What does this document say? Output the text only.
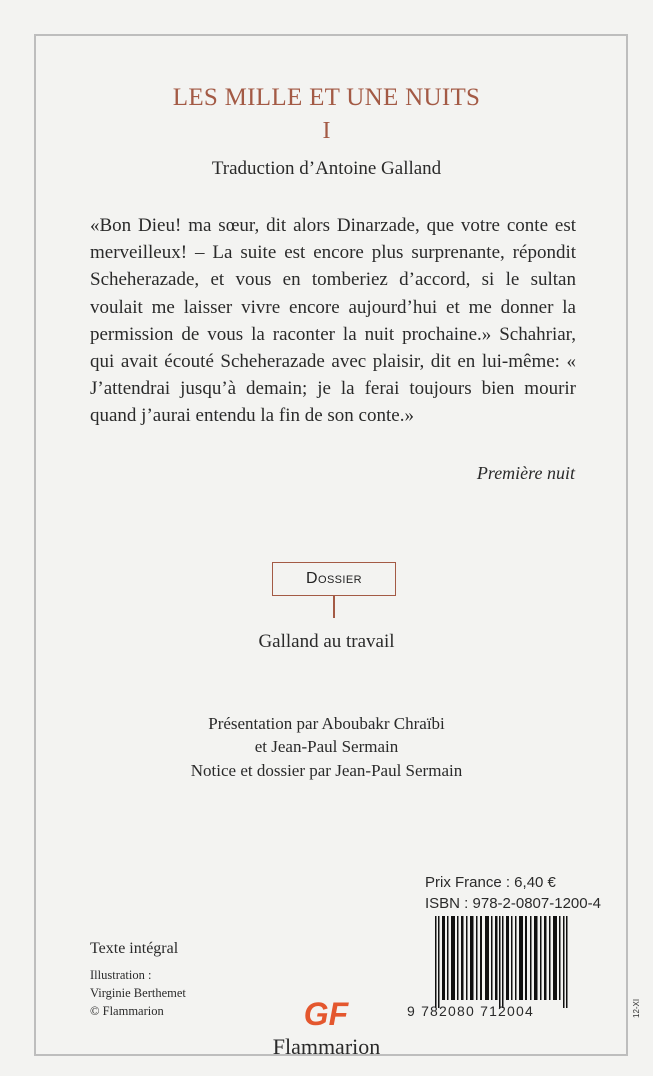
LES MILLE ET UNE NUITS
I
Traduction d’Antoine Galland

«Bon Dieu! ma sœur, dit alors Dinarzade, que votre conte est merveilleux! – La suite est encore plus surprenante, répondit Scheherazade, et vous en tomberiez d’accord, si le sultan voulait me laisser vivre encore aujourd’hui et me donner la permission de vous la raconter la nuit prochaine.» Schahriar, qui avait écouté Scheherazade avec plaisir, dit en lui-même: « J’attendrai jusqu’à demain; je la ferai toujours bien mourir quand j’aurai entendu la fin de son conte.»

Première nuit
Dossier
Galland au travail
Présentation par Aboubakr Chraïbi
et Jean-Paul Sermain
Notice et dossier par Jean-Paul Sermain
Prix France : 6,40 €
ISBN : 978-2-0807-1200-4
9 782080 712004
Texte intégral
Illustration :
Virginie Berthemet
© Flammarion	GF
Flammarion
12-XI
